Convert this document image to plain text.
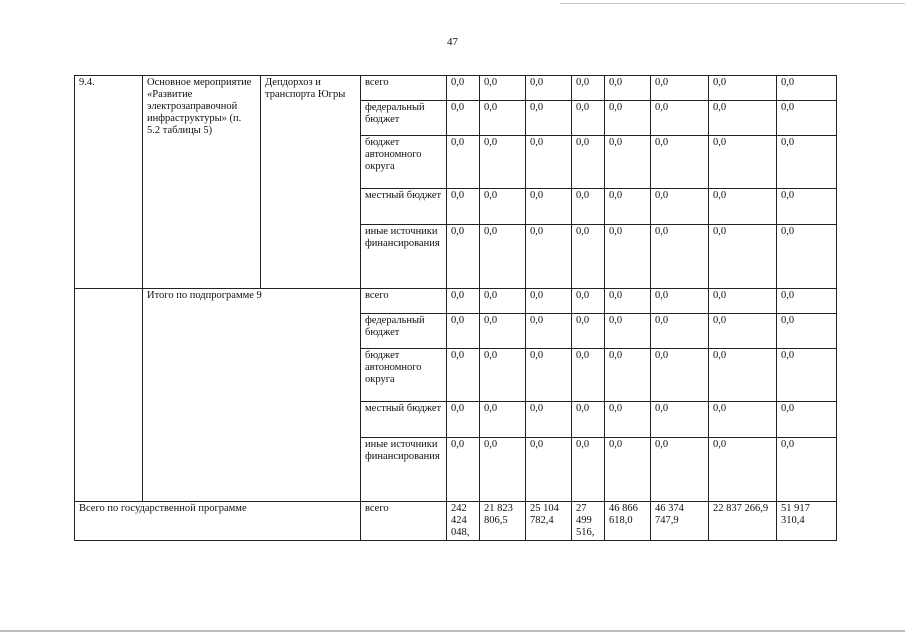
47
9.4.	Основное мероприятие «Развитие электрозаправочной инфраструктуры» (п. 5.2 таблицы 5)	Депдорхоз и транспорта Югры	всего	0,0	0,0	0,0	0,0	0,0	0,0	0,0	0,0
			федеральный бюджет	0,0	0,0	0,0	0,0	0,0	0,0	0,0	0,0
			бюджет автономного округа	0,0	0,0	0,0	0,0	0,0	0,0	0,0	0,0
			местный бюджет	0,0	0,0	0,0	0,0	0,0	0,0	0,0	0,0
			иные источники финансирования	0,0	0,0	0,0	0,0	0,0	0,0	0,0	0,0
	Итого по подпрограмме 9		всего	0,0	0,0	0,0	0,0	0,0	0,0	0,0	0,0
			федеральный бюджет	0,0	0,0	0,0	0,0	0,0	0,0	0,0	0,0
			бюджет автономного округа	0,0	0,0	0,0	0,0	0,0	0,0	0,0	0,0
			местный бюджет	0,0	0,0	0,0	0,0	0,0	0,0	0,0	0,0
			иные источники финансирования	0,0	0,0	0,0	0,0	0,0	0,0	0,0	0,0
Всего по государственной программе			всего	242 424 048,	21 823 806,5	25 104 782,4	27 499 516,	46 866 618,0	46 374 747,9	22 837 266,9	51 917 310,4
